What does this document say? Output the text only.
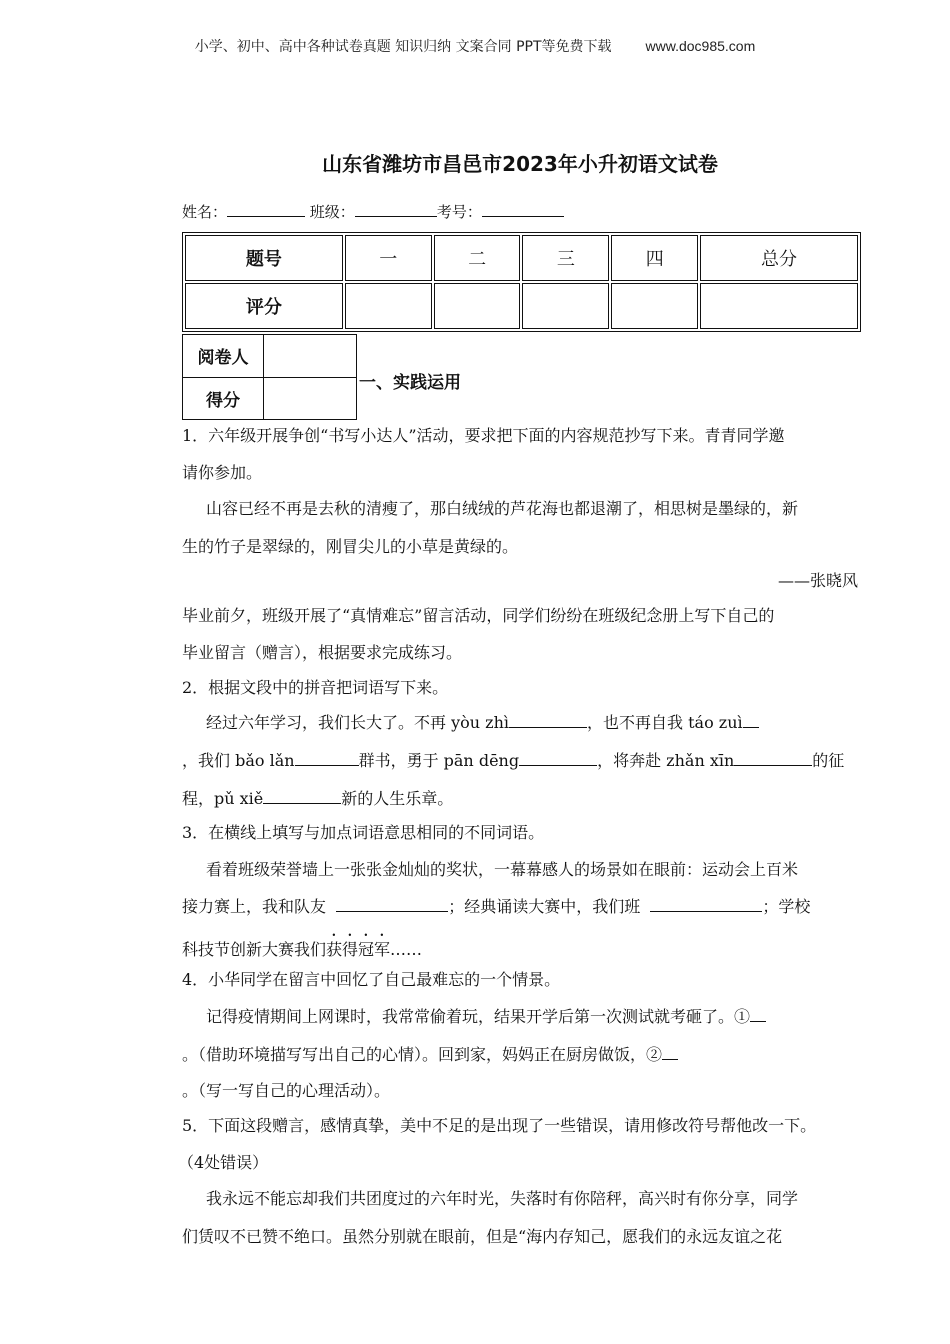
小学、初中、高中各种试卷真题 知识归纳 文案合同 PPT等免费下载 www.doc985.com
山东省潍坊市昌邑市2023年小升初语文试卷
姓名：	班级：	考号：
题号	一	二	三	四	总分
评分					
阅卷人	
得分	
一、实践运用
1．六年级开展争创“书写小达人”活动，要求把下面的内容规范抄写下来。青青同学邀
请你参加。
山容已经不再是去秋的清瘦了，那白绒绒的芦花海也都退潮了，相思树是墨绿的，新
生的竹子是翠绿的，刚冒尖儿的小草是黄绿的。
——张晓风
毕业前夕，班级开展了“真情难忘”留言活动，同学们纷纷在班级纪念册上写下自己的
毕业留言（赠言），根据要求完成练习。
2．根据文段中的拼音把词语写下来。
经过六年学习，我们长大了。不再 yòu zhì	，也不再自我 táo zuì
，我们 bǎo lǎn	群书，勇于 pān dēng	，将奔赴 zhǎn xīn	的征
程，pǔ xiě	新的人生乐章。
3．在横线上填写与加点词语意思相同的不同词语。
看着班级荣誉墙上一张张金灿灿的奖状，一幕幕感人的场景如在眼前：运动会上百米
接力赛上，我和队友	；经典诵读大赛中，我们班	；学校
科技节创新大赛我们获得冠军……
4．小华同学在留言中回忆了自己最难忘的一个情景。
记得疫情期间上网课时，我常常偷着玩，结果开学后第一次测试就考砸了。①
。（借助环境描写写出自己的心情）。回到家，妈妈正在厨房做饭，②
。（写一写自己的心理活动）。
5．下面这段赠言，感情真挚，美中不足的是出现了一些错误，请用修改符号帮他改一下。
（4处错误）
我永远不能忘却我们共团度过的六年时光，失落时有你陪秤，高兴时有你分享，同学
们赁叹不已赞不绝口。虽然分别就在眼前，但是“海内存知己，愿我们的永远友谊之花
